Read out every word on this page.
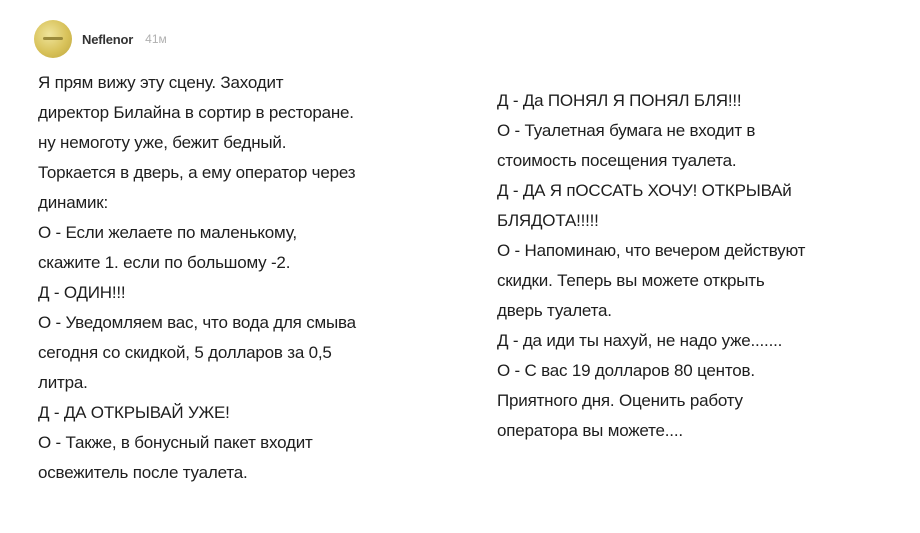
Neflenor 41м
Я прям вижу эту сцену. Заходит
директор Билайна в сортир в ресторане.
ну немоготу уже, бежит бедный.
Торкается в дверь, а ему оператор через
динамик:
О - Если желаете по маленькому,
скажите 1. если по большому -2.
Д - ОДИН!!!
О - Уведомляем вас, что вода для смыва
сегодня со скидкой, 5 долларов за 0,5
литра.
Д - ДА ОТКРЫВАЙ УЖЕ!
О - Также, в бонусный пакет входит
освежитель после туалета.
Д - Да ПОНЯЛ Я ПОНЯЛ БЛЯ!!!
О - Туалетная бумага не входит в
стоимость посещения туалета.
Д - ДА Я пОССАТЬ ХОЧУ! ОТКРЫВАй
БЛЯДОТА!!!!!
О - Напоминаю, что вечером действуют
скидки. Теперь вы можете открыть
дверь туалета.
Д - да иди ты нахуй, не надо уже.......
О - С вас 19 долларов 80 центов.
Приятного дня. Оценить работу
оператора вы можете....
